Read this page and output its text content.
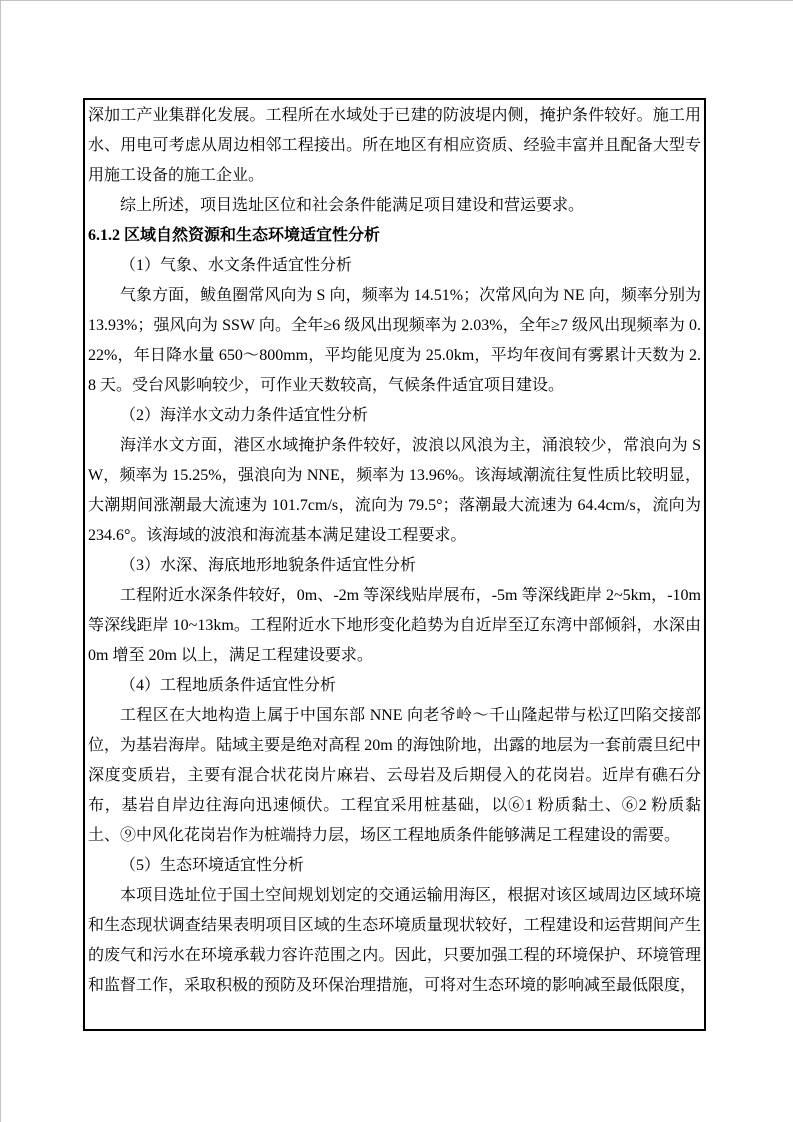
深加工产业集群化发展。工程所在水域处于已建的防波堤内侧，掩护条件较好。施工用水、用电可考虑从周边相邻工程接出。所在地区有相应资质、经验丰富并且配备大型专用施工设备的施工企业。

综上所述，项目选址区位和社会条件能满足项目建设和营运要求。

6.1.2 区域自然资源和生态环境适宜性分析

（1）气象、水文条件适宜性分析

气象方面，鲅鱼圈常风向为 S 向，频率为 14.51%；次常风向为 NE 向，频率分别为 13.93%；强风向为 SSW 向。全年≥6 级风出现频率为 2.03%，全年≥7 级风出现频率为 0.22%，年日降水量 650～800mm，平均能见度为 25.0km，平均年夜间有雾累计天数为 2.8 天。受台风影响较少，可作业天数较高，气候条件适宜项目建设。

（2）海洋水文动力条件适宜性分析

海洋水文方面，港区水域掩护条件较好，波浪以风浪为主，涌浪较少，常浪向为 SW，频率为 15.25%，强浪向为 NNE，频率为 13.96%。该海域潮流往复性质比较明显，大潮期间涨潮最大流速为 101.7cm/s，流向为 79.5°；落潮最大流速为 64.4cm/s，流向为 234.6°。该海域的波浪和海流基本满足建设工程要求。

（3）水深、海底地形地貌条件适宜性分析

工程附近水深条件较好，0m、-2m 等深线贴岸展布，-5m 等深线距岸 2~5km，-10m 等深线距岸 10~13km。工程附近水下地形变化趋势为自近岸至辽东湾中部倾斜，水深由 0m 增至 20m 以上，满足工程建设要求。

（4）工程地质条件适宜性分析

工程区在大地构造上属于中国东部 NNE 向老爷岭～千山隆起带与松辽凹陷交接部位，为基岩海岸。陆域主要是绝对高程 20m 的海蚀阶地，出露的地层为一套前震旦纪中深度变质岩，主要有混合状花岗片麻岩、云母岩及后期侵入的花岗岩。近岸有礁石分布，基岩自岸边往海向迅速倾伏。工程宜采用桩基础，以⑥1 粉质黏土、⑥2 粉质黏土、⑨中风化花岗岩作为桩端持力层，场区工程地质条件能够满足工程建设的需要。

（5）生态环境适宜性分析

本项目选址位于国土空间规划划定的交通运输用海区，根据对该区域周边区域环境和生态现状调查结果表明项目区域的生态环境质量现状较好，工程建设和运营期间产生的废气和污水在环境承载力容许范围之内。因此，只要加强工程的环境保护、环境管理和监督工作，采取积极的预防及环保治理措施，可将对生态环境的影响减至最低限度，
